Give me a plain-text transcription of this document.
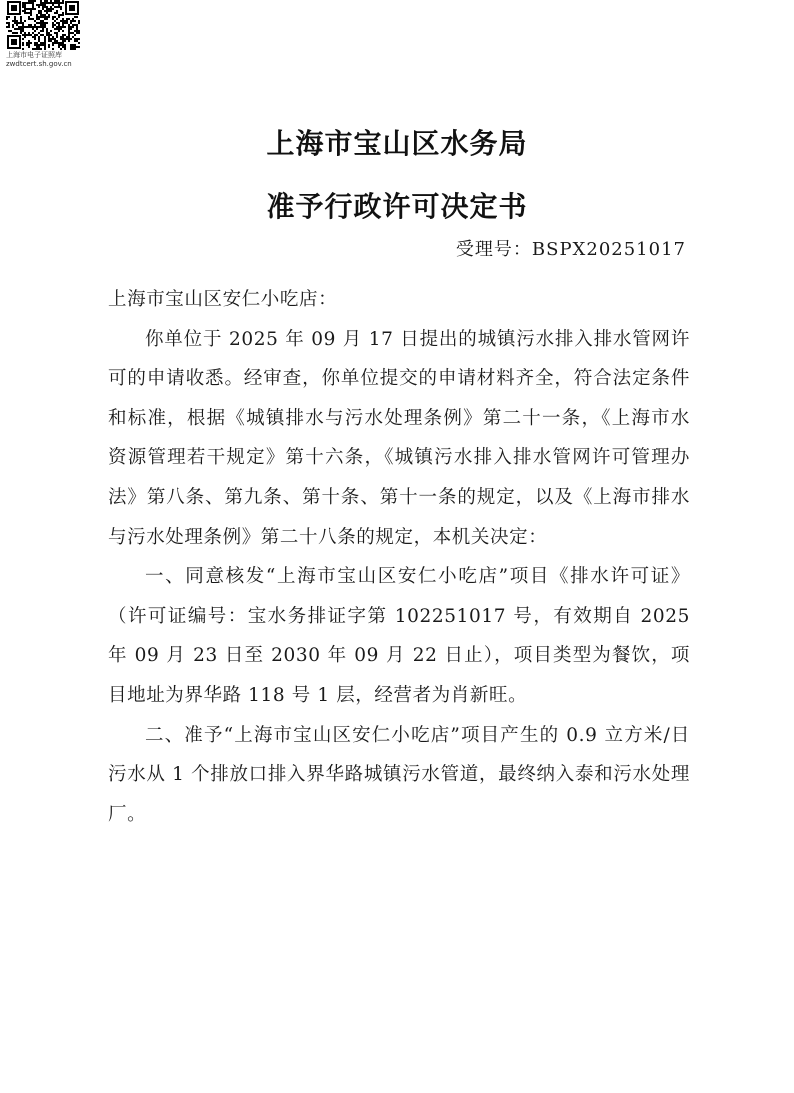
上海市电子证照库
zwdtcert.sh.gov.cn
上海市宝山区水务局
准予行政许可决定书
受理号：BSPX20251017

上海市宝山区安仁小吃店：

你单位于 2025 年 09 月 17 日提出的城镇污水排入排水管网许可的申请收悉。经审查，你单位提交的申请材料齐全，符合法定条件和标准，根据《城镇排水与污水处理条例》第二十一条，《上海市水资源管理若干规定》第十六条，《城镇污水排入排水管网许可管理办法》第八条、第九条、第十条、第十一条的规定，以及《上海市排水与污水处理条例》第二十八条的规定，本机关决定：

一、同意核发“上海市宝山区安仁小吃店”项目《排水许可证》（许可证编号：宝水务排证字第 102251017 号，有效期自 2025 年 09 月 23 日至 2030 年 09 月 22 日止），项目类型为餐饮，项目地址为界华路 118 号 1 层，经营者为肖新旺。

二、准予“上海市宝山区安仁小吃店”项目产生的 0.9 立方米/日污水从 1 个排放口排入界华路城镇污水管道，最终纳入泰和污水处理厂。
